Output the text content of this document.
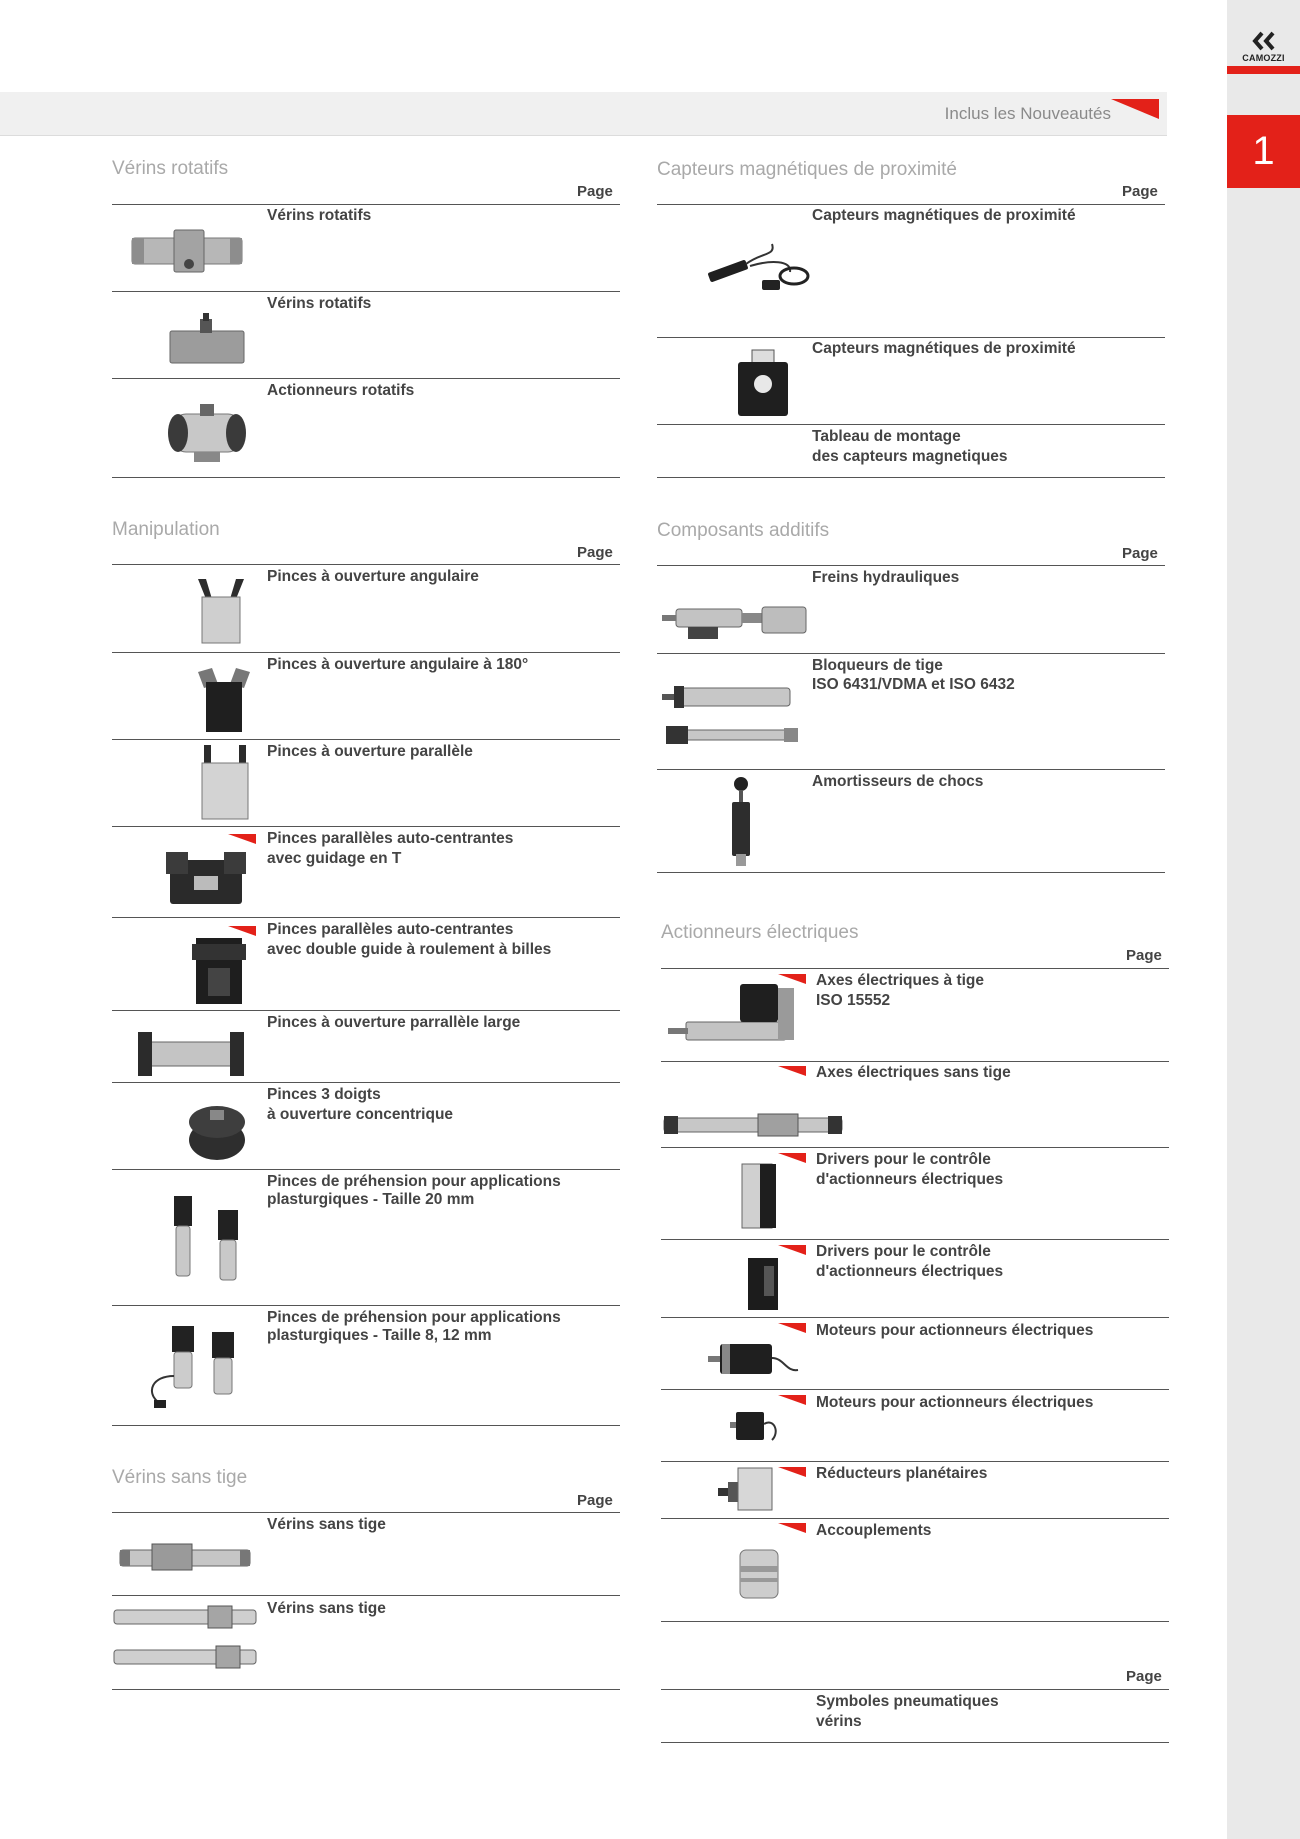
CAMOZZI
1
Inclus les Nouveautés
Vérins rotatifs
Page
Vérins rotatifs
Vérins rotatifs
Actionneurs rotatifs
Manipulation
Page
Pinces à ouverture angulaire
Pinces à ouverture angulaire à 180°
Pinces à ouverture parallèle
Pinces parallèles auto-centrantes
avec guidage en T
Pinces parallèles auto-centrantes
avec double guide à roulement à billes
Pinces à ouverture parrallèle large
Pinces 3 doigts
à ouverture concentrique
Pinces de préhension pour applications
plasturgiques - Taille 20 mm
Pinces de préhension pour applications
plasturgiques - Taille 8, 12 mm
Vérins sans tige
Page
Vérins sans tige
Vérins sans tige
Capteurs magnétiques de proximité
Page
Capteurs magnétiques de proximité
Capteurs magnétiques de proximité
Tableau de montage
des capteurs magnetiques
Composants additifs
Page
Freins hydrauliques
Bloqueurs de tige
ISO 6431/VDMA et ISO 6432
Amortisseurs de chocs
Actionneurs électriques
Page
Axes électriques à tige
ISO 15552
Axes électriques sans tige
Drivers pour le contrôle
d'actionneurs électriques
Drivers pour le contrôle
d'actionneurs électriques
Moteurs pour actionneurs électriques
Moteurs pour actionneurs électriques
Réducteurs planétaires
Accouplements
Page
Symboles pneumatiques
vérins
